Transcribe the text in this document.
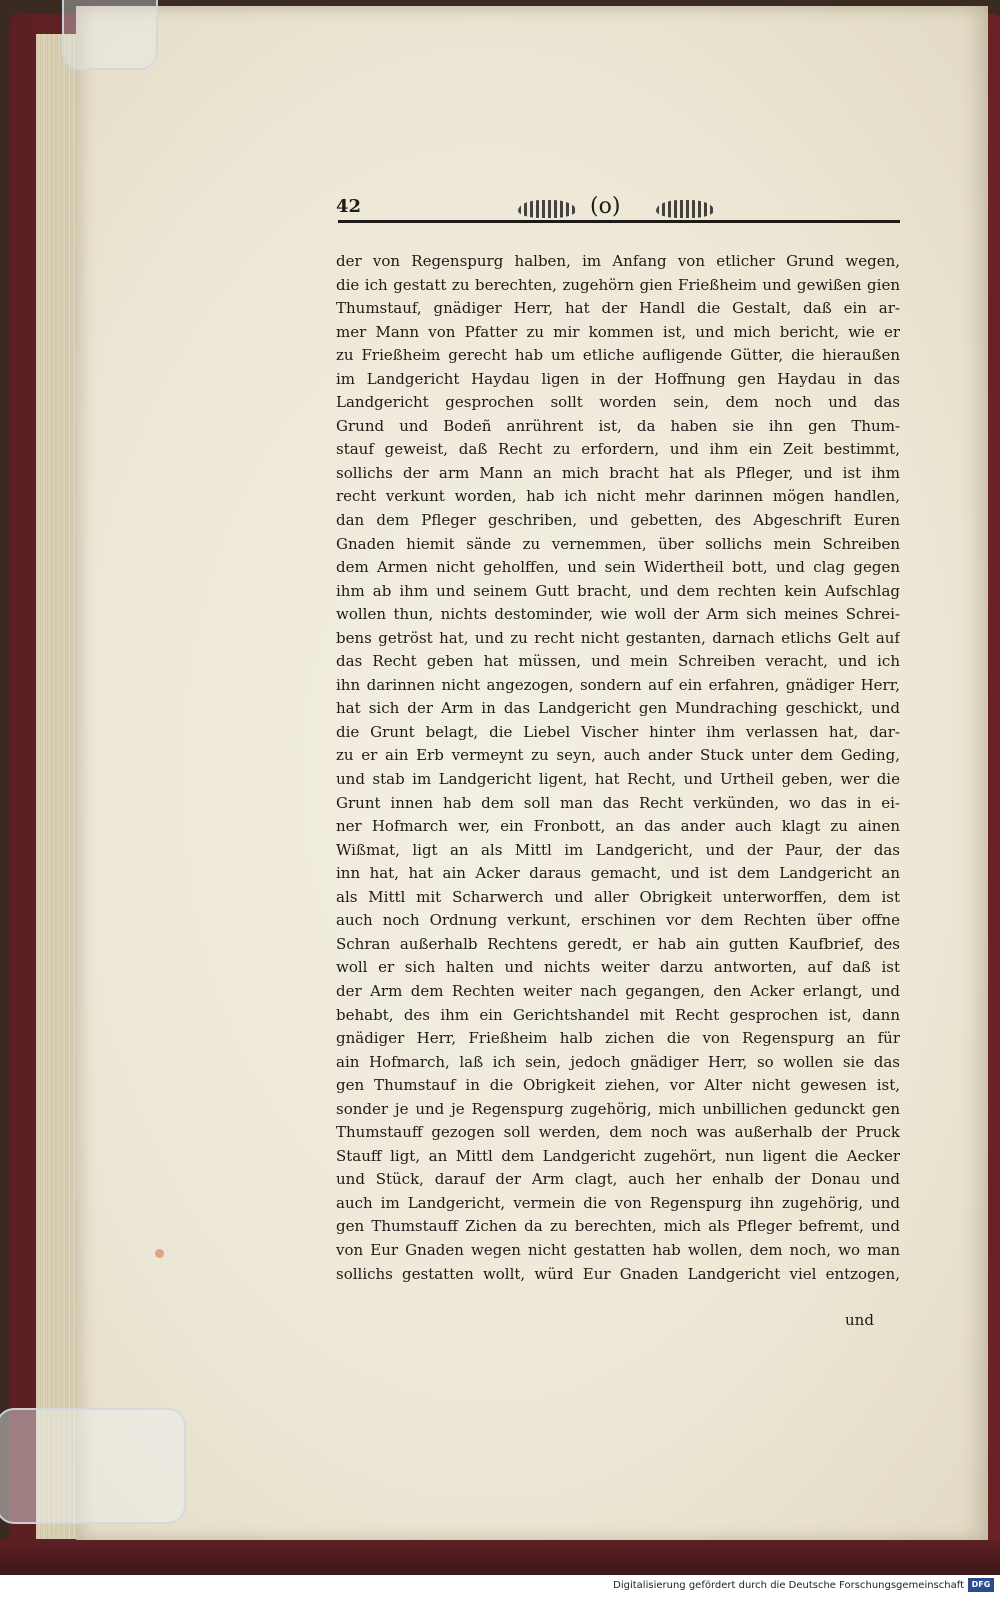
42	(o)
der von Regenspurg halben, im Anfang von etlicher Grund wegen,
die ich gestatt zu berechten, zugehörn gien Frießheim und gewißen gien
Thumstauf, gnädiger Herr, hat der Handl die Gestalt, daß ein ar-
mer Mann von Pfatter zu mir kommen ist, und mich bericht, wie er
zu Frießheim gerecht hab um etliche aufligende Gütter, die hieraußen
im Landgericht Haydau ligen in der Hoffnung gen Haydau in das
Landgericht gesprochen sollt worden sein, dem noch und das
Grund und Bodeñ anrührent ist, da haben sie ihn gen Thum-
stauf geweist, daß Recht zu erfordern, und ihm ein Zeit bestimmt,
sollichs der arm Mann an mich bracht hat als Pfleger, und ist ihm
recht verkunt worden, hab ich nicht mehr darinnen mögen handlen,
dan dem Pfleger geschriben, und gebetten, des Abgeschrift Euren
Gnaden hiemit sände zu vernemmen, über sollichs mein Schreiben
dem Armen nicht geholffen, und sein Widertheil bott, und clag gegen
ihm ab ihm und seinem Gutt bracht, und dem rechten kein Aufschlag
wollen thun, nichts destominder, wie woll der Arm sich meines Schrei-
bens getröst hat, und zu recht nicht gestanten, darnach etlichs Gelt auf
das Recht geben hat müssen, und mein Schreiben veracht, und ich
ihn darinnen nicht angezogen, sondern auf ein erfahren, gnädiger Herr,
hat sich der Arm in das Landgericht gen Mundraching geschickt, und
die Grunt belagt, die Liebel Vischer hinter ihm verlassen hat, dar-
zu er ain Erb vermeynt zu seyn, auch ander Stuck unter dem Geding,
und stab im Landgericht ligent, hat Recht, und Urtheil geben, wer die
Grunt innen hab dem soll man das Recht verkünden, wo das in ei-
ner Hofmarch wer, ein Fronbott, an das ander auch klagt zu ainen
Wißmat, ligt an als Mittl im Landgericht, und der Paur, der das
inn hat, hat ain Acker daraus gemacht, und ist dem Landgericht an
als Mittl mit Scharwerch und aller Obrigkeit unterworffen, dem ist
auch noch Ordnung verkunt, erschinen vor dem Rechten über offne
Schran außerhalb Rechtens geredt, er hab ain gutten Kaufbrief, des
woll er sich halten und nichts weiter darzu antworten, auf daß ist
der Arm dem Rechten weiter nach gegangen, den Acker erlangt, und
behabt, des ihm ein Gerichtshandel mit Recht gesprochen ist, dann
gnädiger Herr, Frießheim halb zichen die von Regenspurg an für
ain Hofmarch, laß ich sein, jedoch gnädiger Herr, so wollen sie das
gen Thumstauf in die Obrigkeit ziehen, vor Alter nicht gewesen ist,
sonder je und je Regenspurg zugehörig, mich unbillichen gedunckt gen
Thumstauff gezogen soll werden, dem noch was außerhalb der Pruck
Stauff ligt, an Mittl dem Landgericht zugehört, nun ligent die Aecker
und Stück, darauf der Arm clagt, auch her enhalb der Donau und
auch im Landgericht, vermein die von Regenspurg ihn zugehörig, und
gen Thumstauff Zichen da zu berechten, mich als Pfleger befremt, und
von Eur Gnaden wegen nicht gestatten hab wollen, dem noch, wo man
sollichs gestatten wollt, würd Eur Gnaden Landgericht viel entzogen,
und
Digitalisierung gefördert durch die Deutsche Forschungsgemeinschaft DFG
